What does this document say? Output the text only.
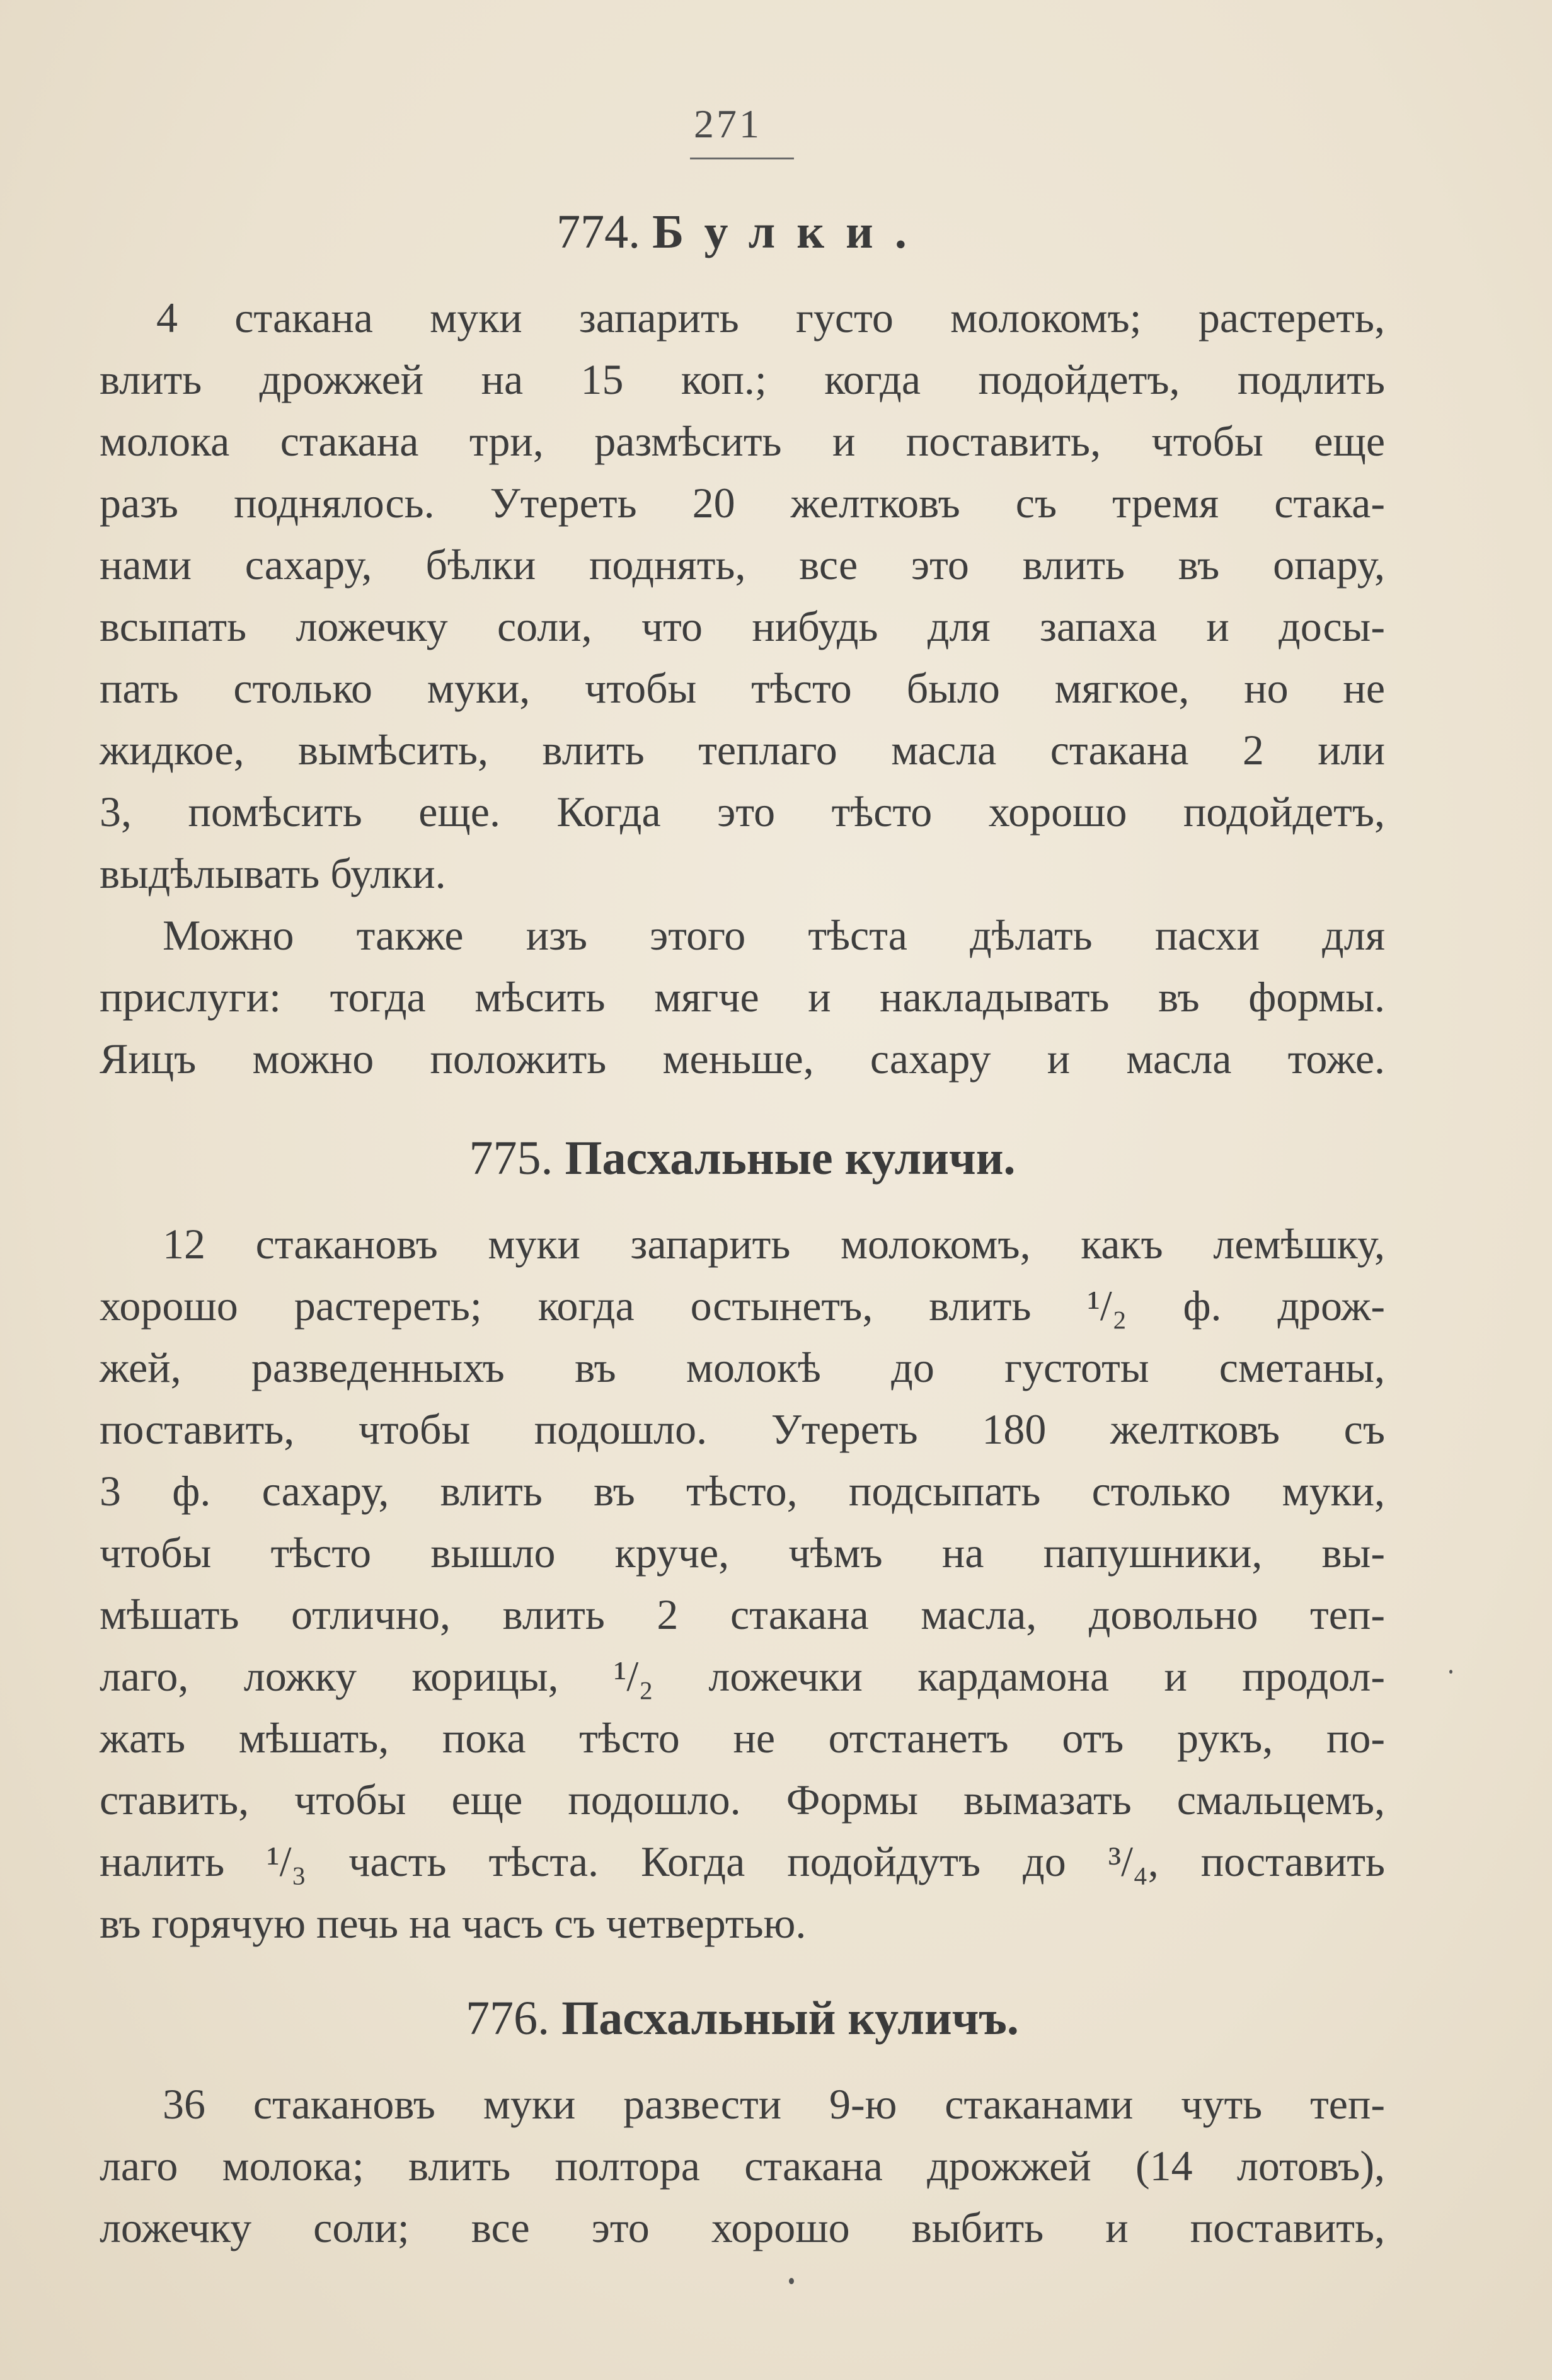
271
774. Булки.
4 стакана муки запарить густо молокомъ; растереть,
влить дрожжей на 15 коп.; когда подойдетъ, подлить
молока стакана три, размѣсить и поставить, чтобы еще
разъ поднялось. Утереть 20 желтковъ съ тремя стака-
нами сахару, бѣлки поднять, все это влить въ опару,
всыпать ложечку соли, что нибудь для запаха и досы-
пать столько муки, чтобы тѣсто было мягкое, но не
жидкое, вымѣсить, влить теплаго масла стакана 2 или
3, помѣсить еще. Когда это тѣсто хорошо подойдетъ,
выдѣлывать булки.
Можно также изъ этого тѣста дѣлать пасхи для
прислуги: тогда мѣсить мягче и накладывать въ формы.
Яицъ можно положить меньше, сахару и масла тоже.
775. Пасхальные куличи.
12 стакановъ муки запарить молокомъ, какъ лемѣшку,
хорошо растереть; когда остынетъ, влить ¹/₂ ф. дрож-
жей, разведенныхъ въ молокѣ до густоты сметаны,
поставить, чтобы подошло. Утереть 180 желтковъ съ
3 ф. сахару, влить въ тѣсто, подсыпать столько муки,
чтобы тѣсто вышло круче, чѣмъ на папушники, вы-
мѣшать отлично, влить 2 стакана масла, довольно теп-
лаго, ложку корицы, ¹/₂ ложечки кардамона и продол-
жать мѣшать, пока тѣсто не отстанетъ отъ рукъ, по-
ставить, чтобы еще подошло. Формы вымазать смальцемъ,
налить ¹/₃ часть тѣста. Когда подойдутъ до ³/₄, поставить
въ горячую печь на часъ съ четвертью.
776. Пасхальный куличъ.
36 стакановъ муки развести 9-ю стаканами чуть теп-
лаго молока; влить полтора стакана дрожжей (14 лотовъ),
ложечку соли; все это хорошо выбить и поставить,
